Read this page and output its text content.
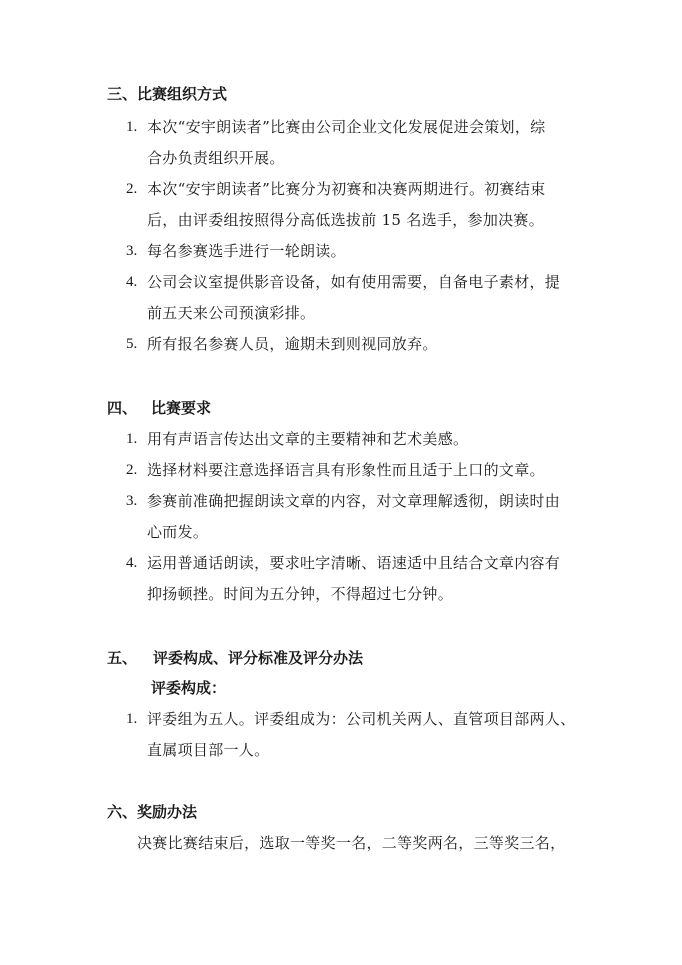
三、比赛组织方式
1. 本次“安宇朗读者”比赛由公司企业文化发展促进会策划，综
合办负责组织开展。
2. 本次“安宇朗读者”比赛分为初赛和决赛两期进行。初赛结束
后，由评委组按照得分高低选拔前 15 名选手，参加决赛。
3. 每名参赛选手进行一轮朗读。
4. 公司会议室提供影音设备，如有使用需要，自备电子素材，提
前五天来公司预演彩排。
5. 所有报名参赛人员，逾期未到则视同放弃。
四、 比赛要求
1. 用有声语言传达出文章的主要精神和艺术美感。
2. 选择材料要注意选择语言具有形象性而且适于上口的文章。
3. 参赛前准确把握朗读文章的内容，对文章理解透彻，朗读时由
心而发。
4. 运用普通话朗读，要求吐字清晰、语速适中且结合文章内容有
抑扬顿挫。时间为五分钟，不得超过七分钟。
五、 评委构成、评分标准及评分办法
评委构成：
1. 评委组为五人。评委组成为：公司机关两人、直管项目部两人、
直属项目部一人。
六、奖励办法
决赛比赛结束后，选取一等奖一名，二等奖两名，三等奖三名，
